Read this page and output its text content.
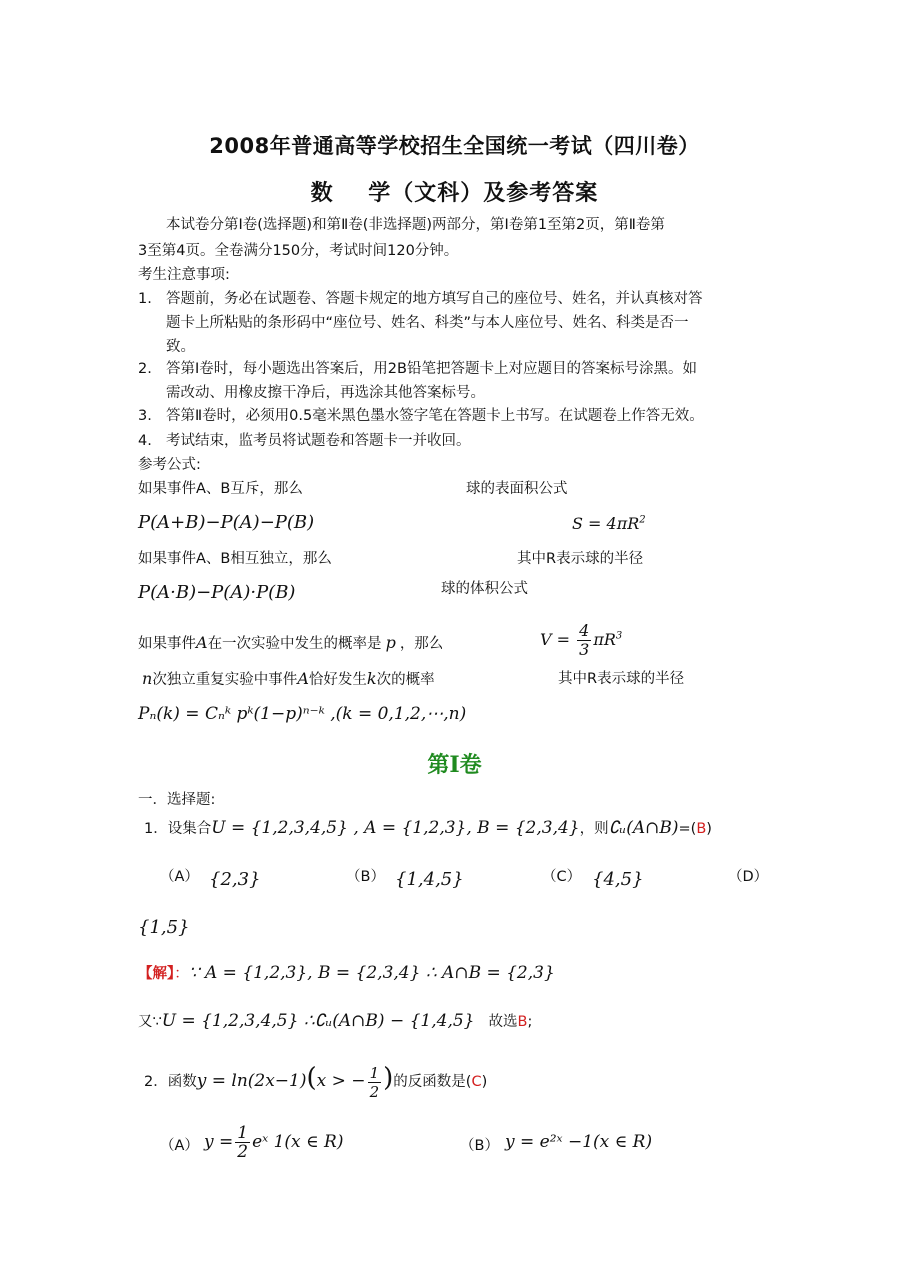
2008年普通高等学校招生全国统一考试（四川卷）
数    学（文科）及参考答案
本试卷分第Ⅰ卷(选择题)和第Ⅱ卷(非选择题)两部分，第Ⅰ卷第1至第2页，第Ⅱ卷第
3至第4页。全卷满分150分，考试时间120分钟。
考生注意事项:
1. 答题前，务必在试题卷、答题卡规定的地方填写自己的座位号、姓名，并认真核对答
题卡上所粘贴的条形码中“座位号、姓名、科类”与本人座位号、姓名、科类是否一
致。
2. 答第Ⅰ卷时，每小题选出答案后，用2B铅笔把答题卡上对应题目的答案标号涂黑。如
需改动、用橡皮擦干净后，再选涂其他答案标号。
3. 答第Ⅱ卷时，必须用0.5毫米黑色墨水签字笔在答题卡上书写。在试题卷上作答无效。
4. 考试结束，监考员将试题卷和答题卡一并收回。
参考公式:
如果事件A、B互斥，那么	球的表面积公式
P(A+B)−P(A)−P(B)	$S = 4\pi R^2$
如果事件A、B相互独立，那么	其中R表示球的半径
球的体积公式
P(A·B)−P(A)·P(B)
如果事件A在一次实验中发生的概率是 p ，那么	$V = \frac{4}{3} \pi R^3$
n次独立重复实验中事件A恰好发生k次的概率	其中R表示球的半径
Pₙ(k) = Cₙᵏ pᵏ(1−p)ⁿ⁻ᵏ ,(k = 0,1,2,⋯,n)
第Ⅰ卷
一．选择题:
1．设集合U = {1,2,3,4,5} , A = {1,2,3}, B = {2,3,4}，则∁ᵤ(A∩B)=(B)
（A） {2,3}	（B） {1,4,5}	（C） {4,5}	（D）
{1,5}
【解】：∵ A = {1,2,3}, B = {2,3,4} ∴ A∩B = {2,3}
又∵U = {1,2,3,4,5} ∴∁ᵤ(A∩B) − {1,4,5} 故选B;
2．函数y = ln(2x−1)(x > − $\frac{1}{2}$ )的反函数是(C)
（A） $y = \frac{1}{2}$ eˣ 1(x ∈ R)	（B） y = e²ˣ −1(x ∈ R)
